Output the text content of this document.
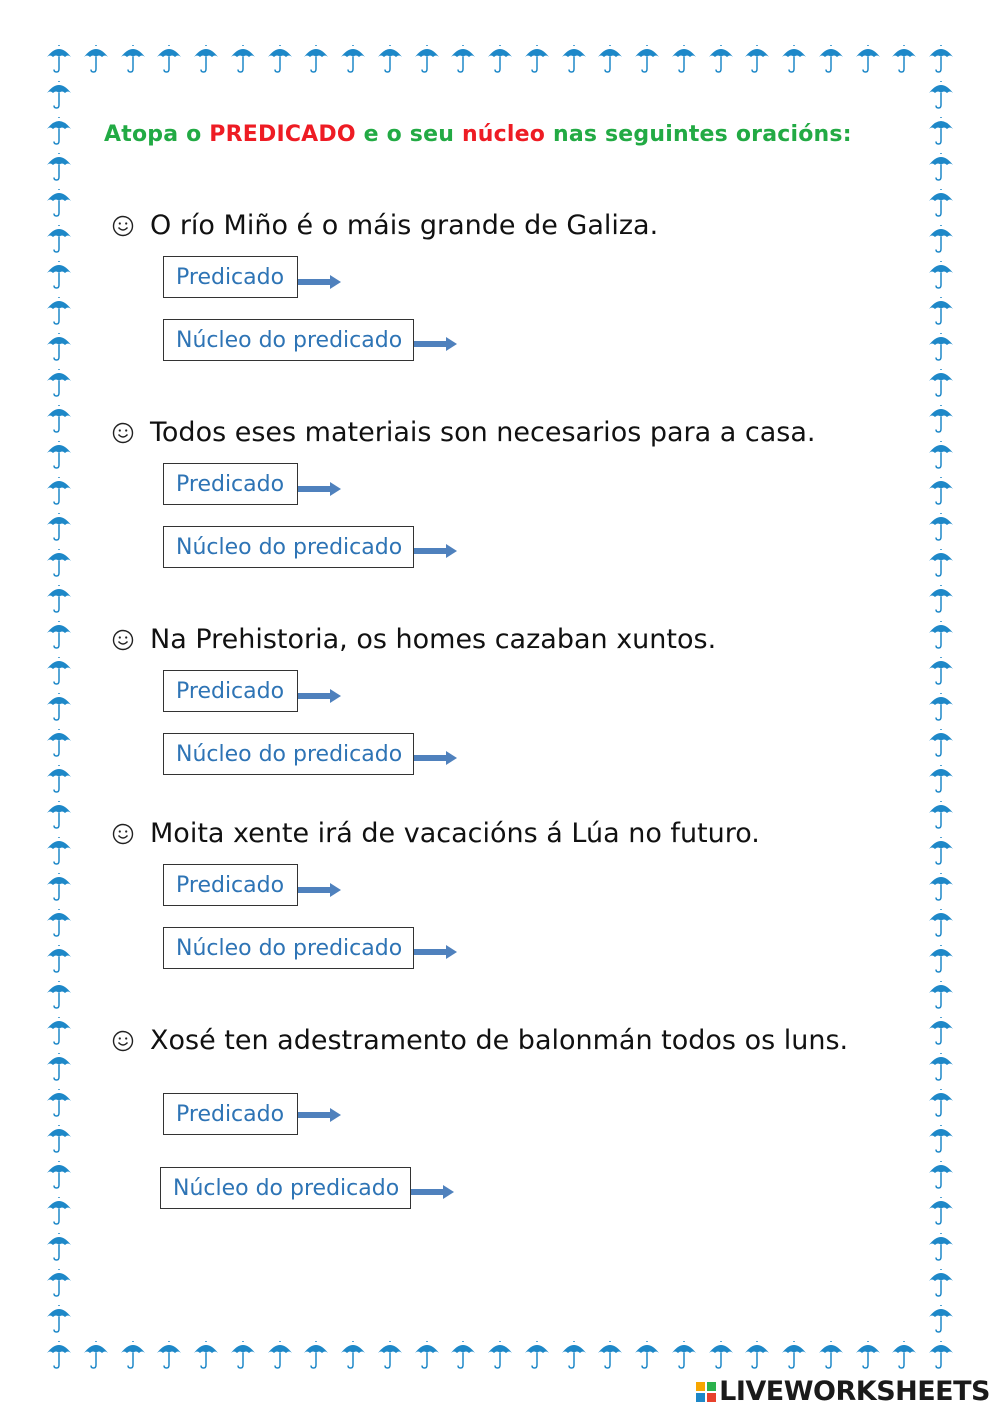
Atopa o PREDICADO e o seu núcleo nas seguintes oracións:
O río Miño é o máis grande de Galiza.
Predicado
Núcleo do predicado
Todos eses materiais son necesarios para a casa.
Predicado
Núcleo do predicado
Na Prehistoria, os homes cazaban xuntos.
Predicado
Núcleo do predicado
Moita xente irá de vacacións á Lúa no futuro.
Predicado
Núcleo do predicado
Xosé ten adestramento de balonmán todos os luns.
Predicado
Núcleo do predicado
LIVEWORKSHEETS
